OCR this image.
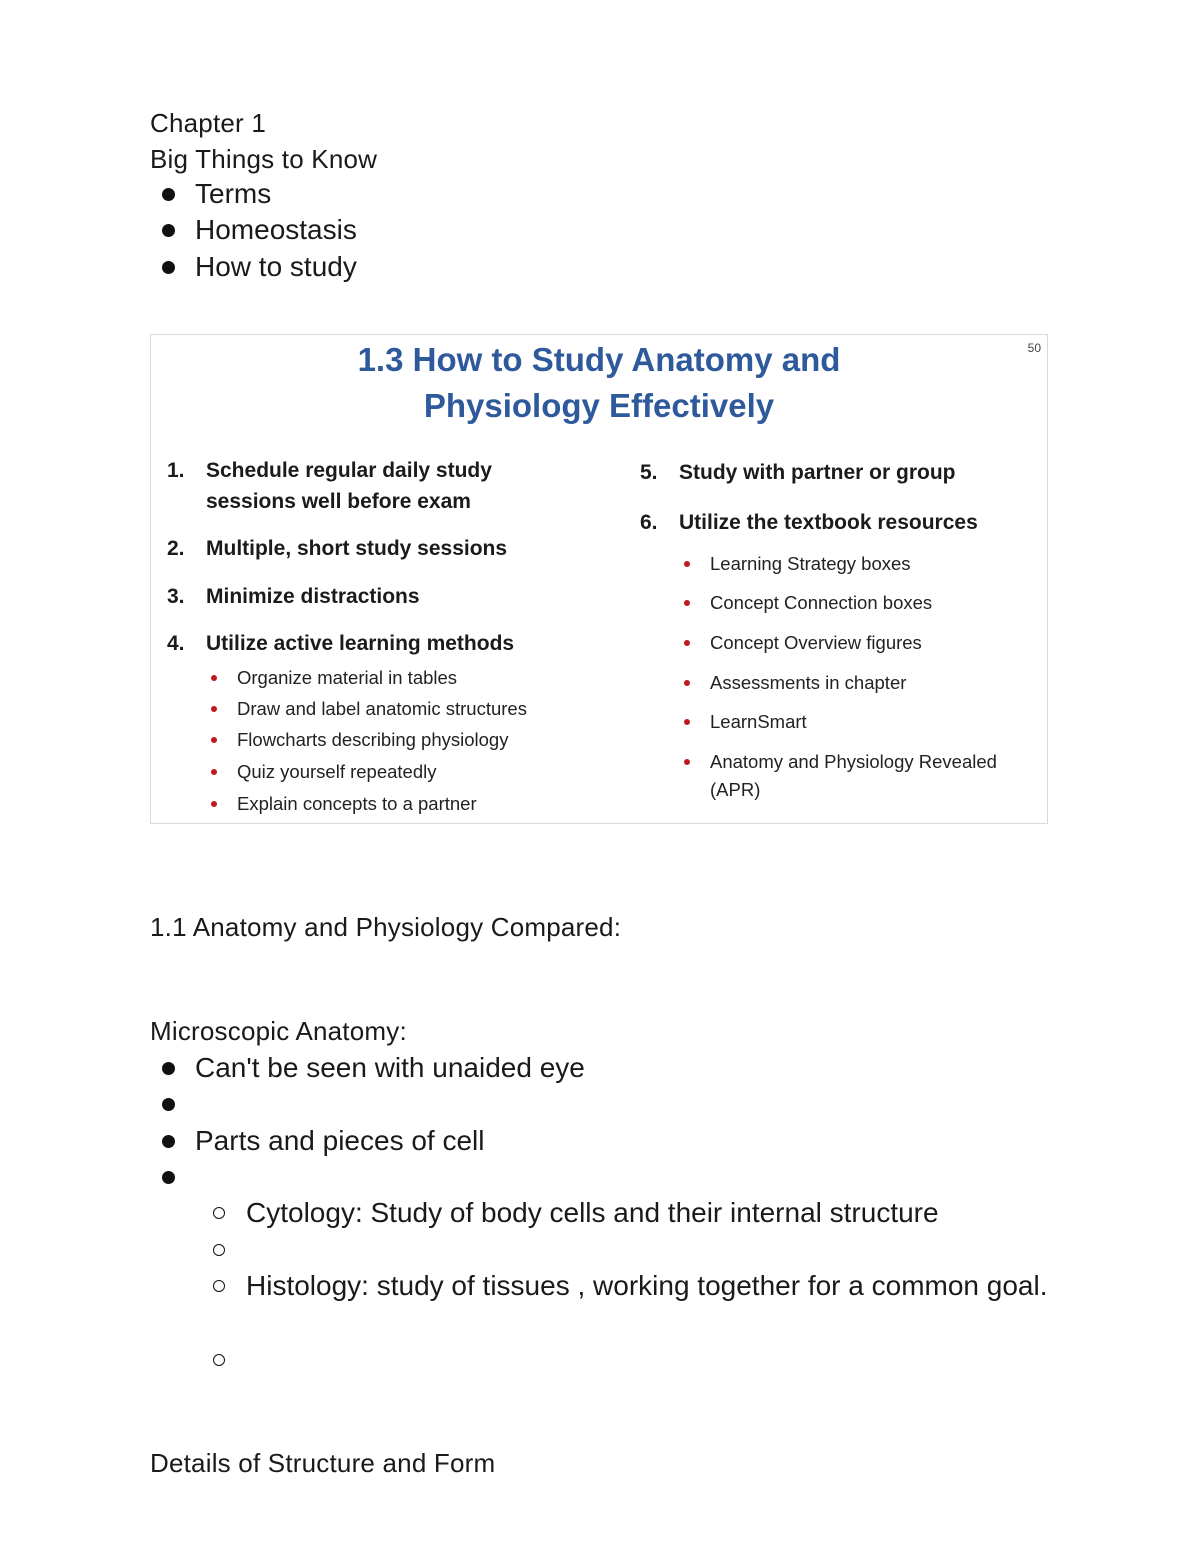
Chapter 1
Big Things to Know
Terms
Homeostasis
How to study
1.3 How to Study Anatomy and
Physiology Effectively
50
1. Schedule regular daily study
sessions well before exam
2. Multiple, short study sessions
3. Minimize distractions
4. Utilize active learning methods
Organize material in tables
Draw and label anatomic structures
Flowcharts describing physiology
Quiz yourself repeatedly
Explain concepts to a partner
5. Study with partner or group
6. Utilize the textbook resources
Learning Strategy boxes
Concept Connection boxes
Concept Overview figures
Assessments in chapter
LearnSmart
Anatomy and Physiology Revealed
(APR)
1.1 Anatomy and Physiology Compared:
Microscopic Anatomy:
Can't be seen with unaided eye
Parts and pieces of cell
Cytology: Study of body cells and their internal structure
Histology: study of tissues , working together for a common goal.
Details of Structure and Form
